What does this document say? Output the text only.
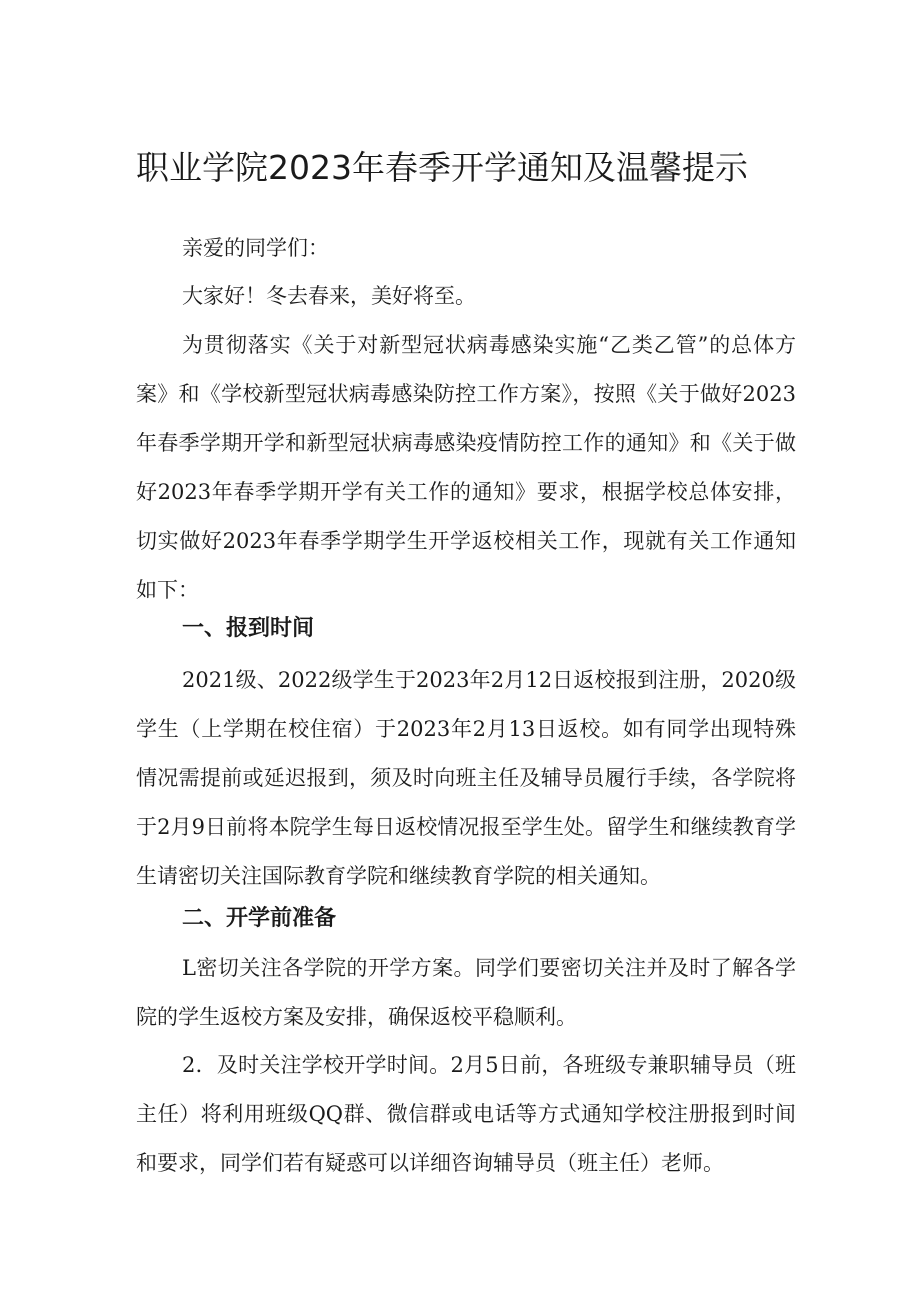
职业学院2023年春季开学通知及温馨提示

亲爱的同学们：

大家好！冬去春来，美好将至。

为贯彻落实《关于对新型冠状病毒感染实施“乙类乙管”的总体方案》和《学校新型冠状病毒感染防控工作方案》，按照《关于做好2023年春季学期开学和新型冠状病毒感染疫情防控工作的通知》和《关于做好2023年春季学期开学有关工作的通知》要求，根据学校总体安排，切实做好2023年春季学期学生开学返校相关工作，现就有关工作通知如下：

一、报到时间

2021级、2022级学生于2023年2月12日返校报到注册，2020级学生（上学期在校住宿）于2023年2月13日返校。如有同学出现特殊情况需提前或延迟报到，须及时向班主任及辅导员履行手续，各学院将于2月9日前将本院学生每日返校情况报至学生处。留学生和继续教育学生请密切关注国际教育学院和继续教育学院的相关通知。

二、开学前准备

L密切关注各学院的开学方案。同学们要密切关注并及时了解各学院的学生返校方案及安排，确保返校平稳顺利。

2．及时关注学校开学时间。2月5日前，各班级专兼职辅导员（班主任）将利用班级QQ群、微信群或电话等方式通知学校注册报到时间和要求，同学们若有疑惑可以详细咨询辅导员（班主任）老师。
